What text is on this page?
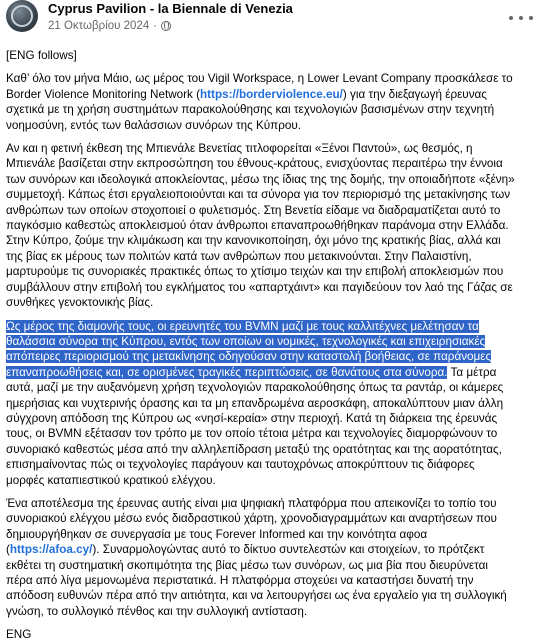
Cyprus Pavilion - la Biennale di Venezia
21 Οκτωβρίου 2024 ·

[ENG follows]

Καθ’ όλο τον μήνα Μάιο, ως μέρος του Vigil Workspace, η Lower Levant Company προσκάλεσε το
Border Violence Monitoring Network (https://borderviolence.eu/) για την διεξαγωγή έρευνας
σχετικά με τη χρήση συστημάτων παρακολούθησης και τεχνολογιών βασισμένων στην τεχνητή
νοημοσύνη, εντός των θαλάσσιων συνόρων της Κύπρου.

Αν και η φετινή έκθεση της Μπιενάλε Βενετίας τιτλοφορείται «Ξένοι Παντού», ως θεσμός, η
Μπιενάλε βασίζεται στην εκπροσώπηση του έθνους-κράτους, ενισχύοντας περαιτέρω την έννοια
των συνόρων και ιδεολογικά αποκλείοντας, μέσω της ίδιας της της δομής, την οποιαδήποτε «ξένη»
συμμετοχή. Κάπως έτσι εργαλειοποιούνται και τα σύνορα για τον περιορισμό της μετακίνησης των
ανθρώπων των οποίων στοχοποιεί ο φυλετισμός. Στη Βενετία είδαμε να διαδραματίζεται αυτό το
παγκόσμιο καθεστώς αποκλεισμού όταν άνθρωποι επαναπροωθήθηκαν παράνομα στην Ελλάδα.
Στην Κύπρο, ζούμε την κλιμάκωση και την κανονικοποίηση, όχι μόνο της κρατικής βίας, αλλά και
της βίας εκ μέρους των πολιτών κατά των ανθρώπων που μετακινούνται. Στην Παλαιστίνη,
μαρτυρούμε τις συνοριακές πρακτικές όπως το χτίσιμο τειχών και την επιβολή αποκλεισμών που
συμβάλλουν στην επιβολή του εγκλήματος του «απαρτχάιντ» και παγιδεύουν τον λαό της Γάζας σε
συνθήκες γενοκτονικής βίας.

Ως μέρος της διαμονής τους, οι ερευνητές του BVMN μαζί με τους καλλιτέχνες μελέτησαν τα
θαλάσσια σύνορα της Κύπρου, εντός των οποίων οι νομικές, τεχνολογικές και επιχειρησιακές
απόπειρες περιορισμού της μετακίνησης οδηγούσαν στην καταστολή βοήθειας, σε παράνομες
επαναπροωθήσεις και, σε ορισμένες τραγικές περιπτώσεις, σε θανάτους στα σύνορα. Τα μέτρα
αυτά, μαζί με την αυξανόμενη χρήση τεχνολογιών παρακολούθησης όπως τα ραντάρ, οι κάμερες
ημερήσιας και νυχτερινής όρασης και τα μη επανδρωμένα αεροσκάφη, αποκαλύπτουν μιαν άλλη
σύγχρονη απόδοση της Κύπρου ως «νησί-κεραία» στην περιοχή. Κατά τη διάρκεια της έρευνάς
τους, οι BVMN εξέτασαν τον τρόπο με τον οποίο τέτοια μέτρα και τεχνολογίες διαμορφώνουν το
συνοριακό καθεστώς μέσα από την αλληλεπίδραση μεταξύ της ορατότητας και της αορατότητας,
επισημαίνοντας πώς οι τεχνολογίες παράγουν και ταυτοχρόνως αποκρύπτουν τις διάφορες
μορφές καταπιεστικού κρατικού ελέγχου.

Ένα αποτέλεσμα της έρευνας αυτής είναι μια ψηφιακή πλατφόρμα που απεικονίζει το τοπίο του
συνοριακού ελέγχου μέσω ενός διαδραστικού χάρτη, χρονοδιαγραμμάτων και αναρτήσεων που
δημιουργήθηκαν σε συνεργασία με τους Forever Informed και την κοινότητα αφοα
(https://afoa.cy/). Συναρμολογώντας αυτό το δίκτυο συντελεστών και στοιχείων, το πρότζεκτ
εκθέτει τη συστηματική σκοπιμότητα της βίας μέσω των συνόρων, ως μια βία που διευρύνεται
πέρα από λίγα μεμονωμένα περιστατικά. Η πλατφόρμα στοχεύει να καταστήσει δυνατή την
απόδοση ευθυνών πέρα από την αιτιότητα, και να λειτουργήσει ως ένα εργαλείο για τη συλλογική
γνώση, το συλλογικό πένθος και την συλλογική αντίσταση.

ENG
